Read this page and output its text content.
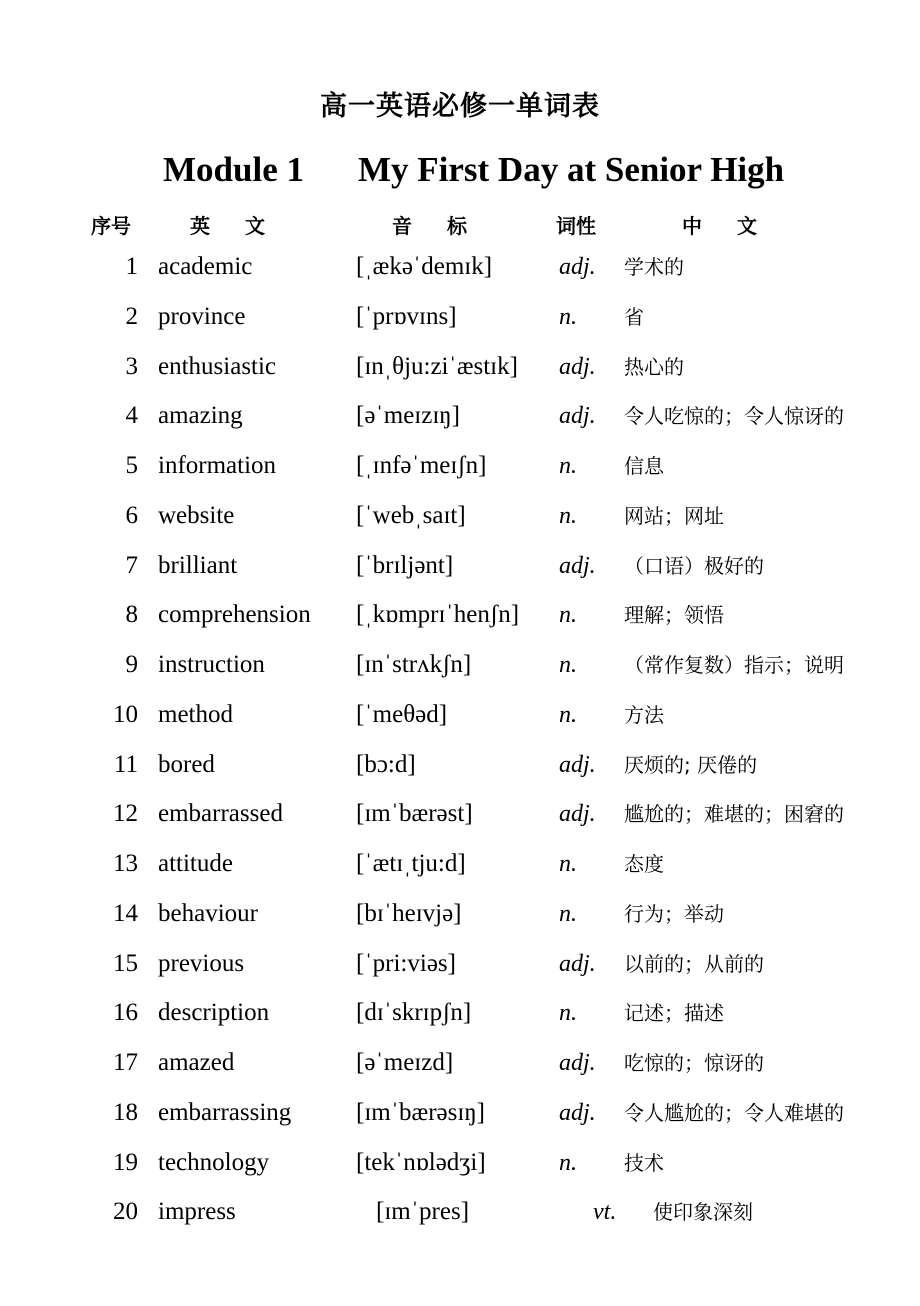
高一英语必修一单词表
Module 1 My First Day at Senior High
序号	英 文	音 标	词性	中 文
1 academic	[ˌækəˈdemɪk]	adj. 学术的
2 province	[ˈprɒvɪns]	n. 省
3 enthusiastic	[ɪnˌθju:ziˈæstɪk] adj. 热心的
4 amazing	[əˈmeɪzɪŋ]	adj. 令人吃惊的；令人惊讶的
5 information	[ˌɪnfəˈmeɪʃn]	n. 信息
6 website	[ˈwebˌsaɪt]	n. 网站；网址
7 brilliant	[ˈbrɪljənt]	adj. （口语）极好的
8 comprehension [ˌkɒmprɪˈhenʃn] n. 理解；领悟
9 instruction	[ɪnˈstrʌkʃn]	n. （常作复数）指示；说明
10 method	[ˈmeθəd]	n. 方法
11 bored	[bɔ:d]	adj. 厌烦的; 厌倦的
12 embarrassed	[ɪmˈbærəst]	adj. 尴尬的；难堪的；困窘的
13 attitude	[ˈætɪˌtju:d]	n. 态度
14 behaviour	[bɪˈheɪvjə]	n. 行为；举动
15 previous	[ˈpri:viəs]	adj. 以前的；从前的
16 description	[dɪˈskrɪpʃn]	n. 记述；描述
17 amazed	[əˈmeɪzd]	adj. 吃惊的；惊讶的
18 embarrassing	[ɪmˈbærəsɪŋ]	adj. 令人尴尬的；令人难堪的
19 technology	[tekˈnɒlədʒi]	n. 技术
20 impress	[ɪmˈpres]	vt. 使印象深刻
